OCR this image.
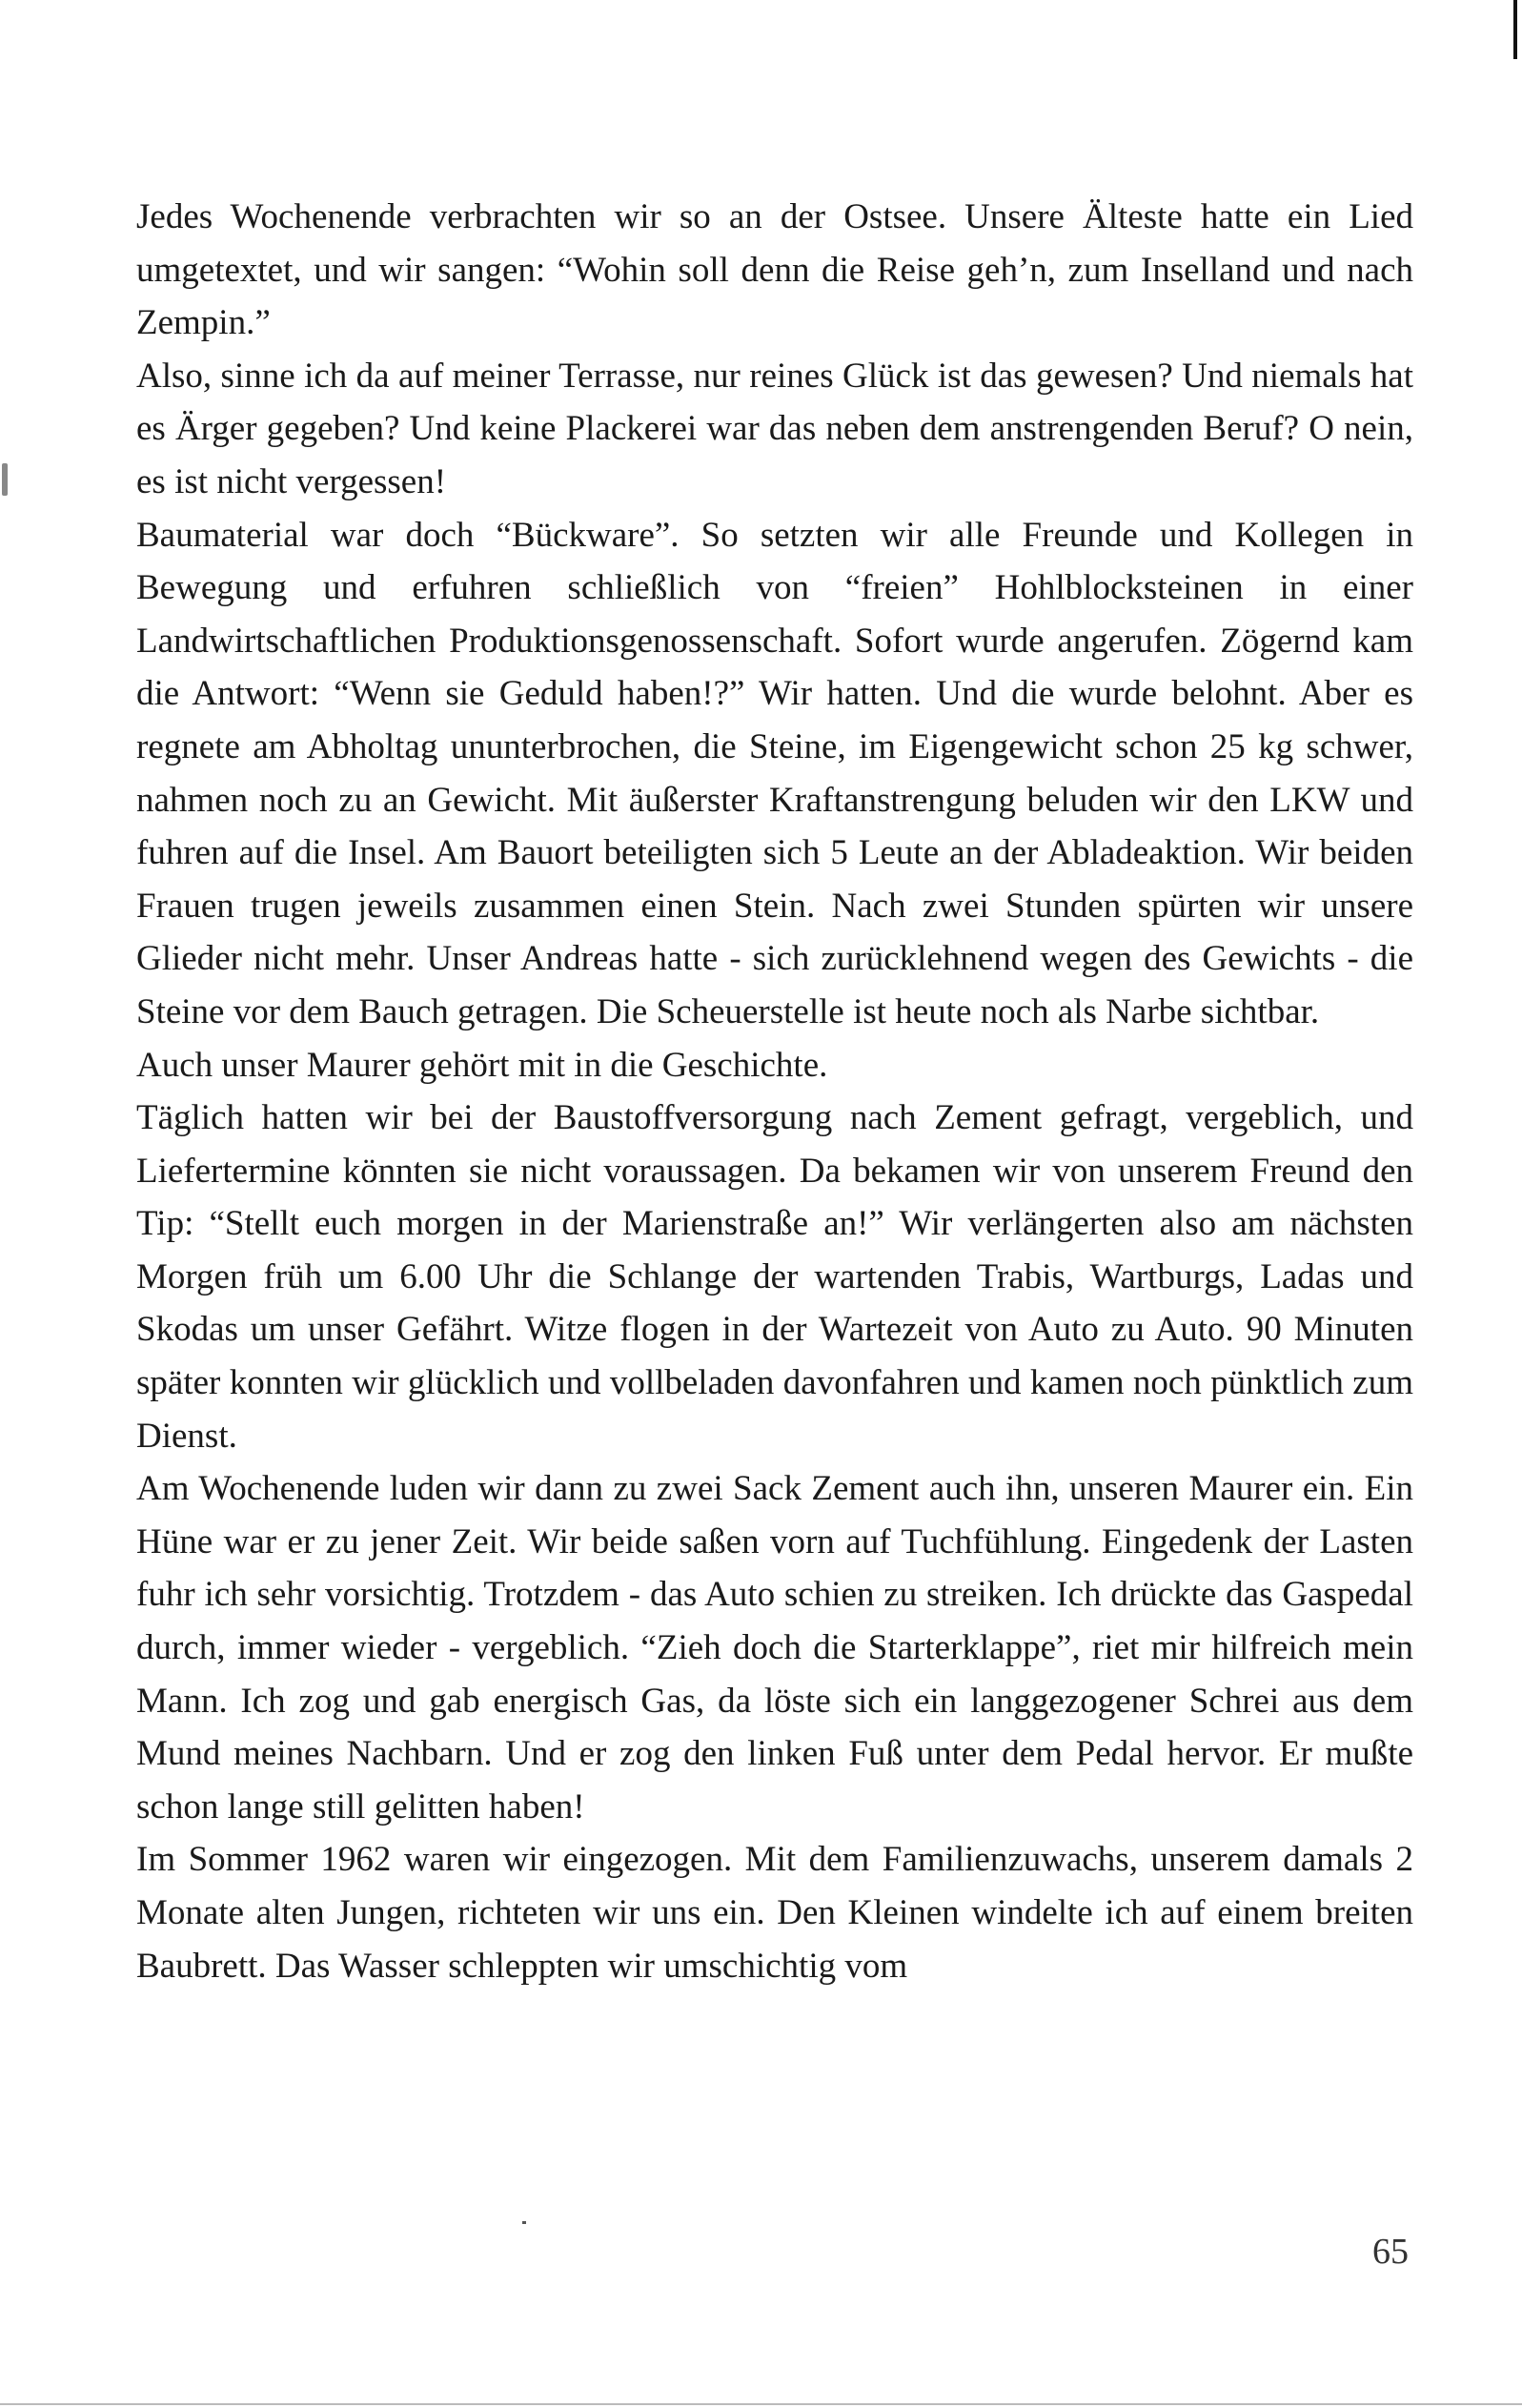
Jedes Wochenende verbrachten wir so an der Ostsee. Unsere Älteste hatte ein Lied umgetextet, und wir sangen: “Wohin soll denn die Reise geh’n, zum Inselland und nach Zempin.”

Also, sinne ich da auf meiner Terrasse, nur reines Glück ist das gewesen? Und niemals hat es Ärger gegeben? Und keine Plackerei war das neben dem anstrengenden Beruf? O nein, es ist nicht vergessen!

Baumaterial war doch “Bückware”. So setzten wir alle Freunde und Kollegen in Bewegung und erfuhren schließlich von “freien” Hohlblocksteinen in einer Landwirtschaftlichen Produktionsgenossenschaft. Sofort wurde angerufen. Zögernd kam die Antwort: “Wenn sie Geduld haben!?” Wir hatten. Und die wurde belohnt. Aber es regnete am Abholtag ununterbrochen, die Steine, im Eigengewicht schon 25 kg schwer, nahmen noch zu an Gewicht. Mit äußerster Kraftanstrengung beluden wir den LKW und fuhren auf die Insel. Am Bauort beteiligten sich 5 Leute an der Abladeaktion. Wir beiden Frauen trugen jeweils zusammen einen Stein. Nach zwei Stunden spürten wir unsere Glieder nicht mehr. Unser Andreas hatte - sich zurücklehnend wegen des Gewichts - die Steine vor dem Bauch getragen. Die Scheuerstelle ist heute noch als Narbe sichtbar.

Auch unser Maurer gehört mit in die Geschichte.

Täglich hatten wir bei der Baustoffversorgung nach Zement gefragt, vergeblich, und Liefertermine könnten sie nicht voraussagen. Da bekamen wir von unserem Freund den Tip: “Stellt euch morgen in der Marienstraße an!” Wir verlängerten also am nächsten Morgen früh um 6.00 Uhr die Schlange der wartenden Trabis, Wartburgs, Ladas und Skodas um unser Gefährt. Witze flogen in der Wartezeit von Auto zu Auto. 90 Minuten später konnten wir glücklich und vollbeladen davonfahren und kamen noch pünktlich zum Dienst.

Am Wochenende luden wir dann zu zwei Sack Zement auch ihn, unseren Maurer ein. Ein Hüne war er zu jener Zeit. Wir beide saßen vorn auf Tuchfühlung. Eingedenk der Lasten fuhr ich sehr vorsichtig. Trotzdem - das Auto schien zu streiken. Ich drückte das Gaspedal durch, immer wieder - vergeblich. “Zieh doch die Starterklappe”, riet mir hilfreich mein Mann. Ich zog und gab energisch Gas, da löste sich ein langgezogener Schrei aus dem Mund meines Nachbarn. Und er zog den linken Fuß unter dem Pedal hervor. Er mußte schon lange still gelitten haben!

Im Sommer 1962 waren wir eingezogen. Mit dem Familienzuwachs, unserem damals 2 Monate alten Jungen, richteten wir uns ein. Den Kleinen windelte ich auf einem breiten Baubrett. Das Wasser schleppten wir umschichtig vom

65
